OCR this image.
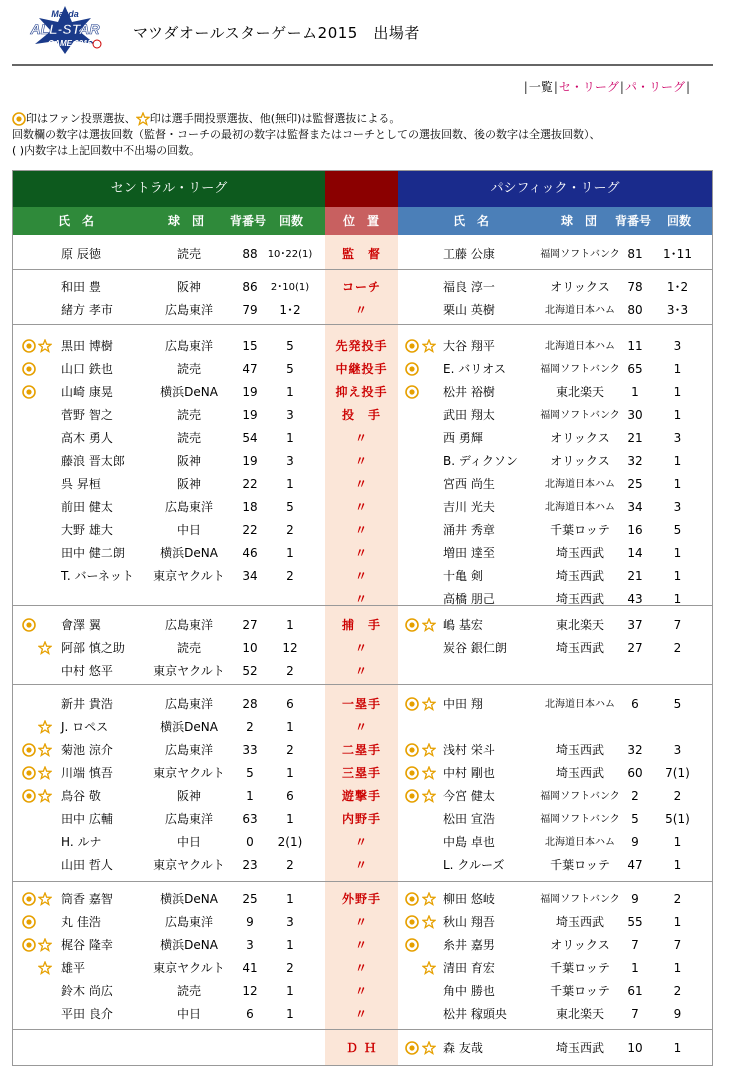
Mazda
ALL-STAR
GAME 2015
マツダオールスターゲーム2015　出場者
|一覧|セ・リーグ|パ・リーグ|
印はファン投票選抜、 印は選手間投票選抜、他(無印)は監督選抜による。
回数欄の数字は選抜回数（監督・コーチの最初の数字は監督またはコーチとしての選抜回数、後の数字は全選抜回数）、
( )内数字は上記回数中不出場の回数。
セントラル・リーグ	パシフィック・リーグ
氏　名	球　団 背番号 回数	位　置	氏　名	球　団 背番号 回数
原 辰徳	読売	88	10･22(1)	監　督	工藤 公康	福岡ソフトバンク 81	1･11
和田 豊	阪神	86	2･10(1)	コーチ	福良 淳一	オリックス	78	1･2
緒方 孝市	広島東洋	79	1･2	〃	栗山 英樹	北海道日本ハム	80	3･3
黒田 博樹	広島東洋	15	5	先発投手	大谷 翔平	北海道日本ハム	11	3
山口 鉄也	読売	47	5	中継投手	E. バリオス	福岡ソフトバンク 65	1
山崎 康晃	横浜DeNA	19	1	抑え投手	松井 裕樹	東北楽天	1	1
菅野 智之	読売	19	3	投　手	武田 翔太	福岡ソフトバンク 30	1
高木 勇人	読売	54	1	〃	西 勇輝	オリックス	21	3
藤浪 晋太郎	阪神	19	3	〃	B. ディクソン	オリックス	32	1
呉 昇桓	阪神	22	1	〃	宮西 尚生	北海道日本ハム	25	1
前田 健太	広島東洋	18	5	〃	吉川 光夫	北海道日本ハム	34	3
大野 雄大	中日	22	2	〃	涌井 秀章	千葉ロッテ	16	5
田中 健二朗	横浜DeNA	46	1	〃	増田 達至	埼玉西武	14	1
T. バーネット	東京ヤクルト	34	2	〃	十亀 剣	埼玉西武	21	1
〃	高橋 朋己	埼玉西武	43	1
會澤 翼	広島東洋	27	1	捕　手	嶋 基宏	東北楽天	37	7
阿部 慎之助	読売	10	12	〃	炭谷 銀仁朗	埼玉西武	27	2
中村 悠平	東京ヤクルト	52	2	〃
新井 貴浩	広島東洋	28	6	一塁手	中田 翔	北海道日本ハム	6	5
J. ロペス	横浜DeNA	2	1	〃
菊池 涼介	広島東洋	33	2	二塁手	浅村 栄斗	埼玉西武	32	3
川端 慎吾	東京ヤクルト	5	1	三塁手	中村 剛也	埼玉西武	60	7(1)
鳥谷 敬	阪神	1	6	遊撃手	今宮 健太	福岡ソフトバンク 2	2
田中 広輔	広島東洋	63	1	内野手	松田 宣浩	福岡ソフトバンク 5	5(1)
H. ルナ	中日	0	2(1)	〃	中島 卓也	北海道日本ハム	9	1
山田 哲人	東京ヤクルト	23	2	〃	L. クルーズ	千葉ロッテ	47	1
筒香 嘉智	横浜DeNA	25	1	外野手	柳田 悠岐	福岡ソフトバンク 9	2
丸 佳浩	広島東洋	9	3	〃	秋山 翔吾	埼玉西武	55	1
梶谷 隆幸	横浜DeNA	3	1	〃	糸井 嘉男	オリックス	7	7
雄平	東京ヤクルト	41	2	〃	清田 育宏	千葉ロッテ	1	1
鈴木 尚広	読売	12	1	〃	角中 勝也	千葉ロッテ	61	2
平田 良介	中日	6	1	〃	松井 稼頭央	東北楽天	7	9
Ｄ Ｈ	森 友哉	埼玉西武	10	1
